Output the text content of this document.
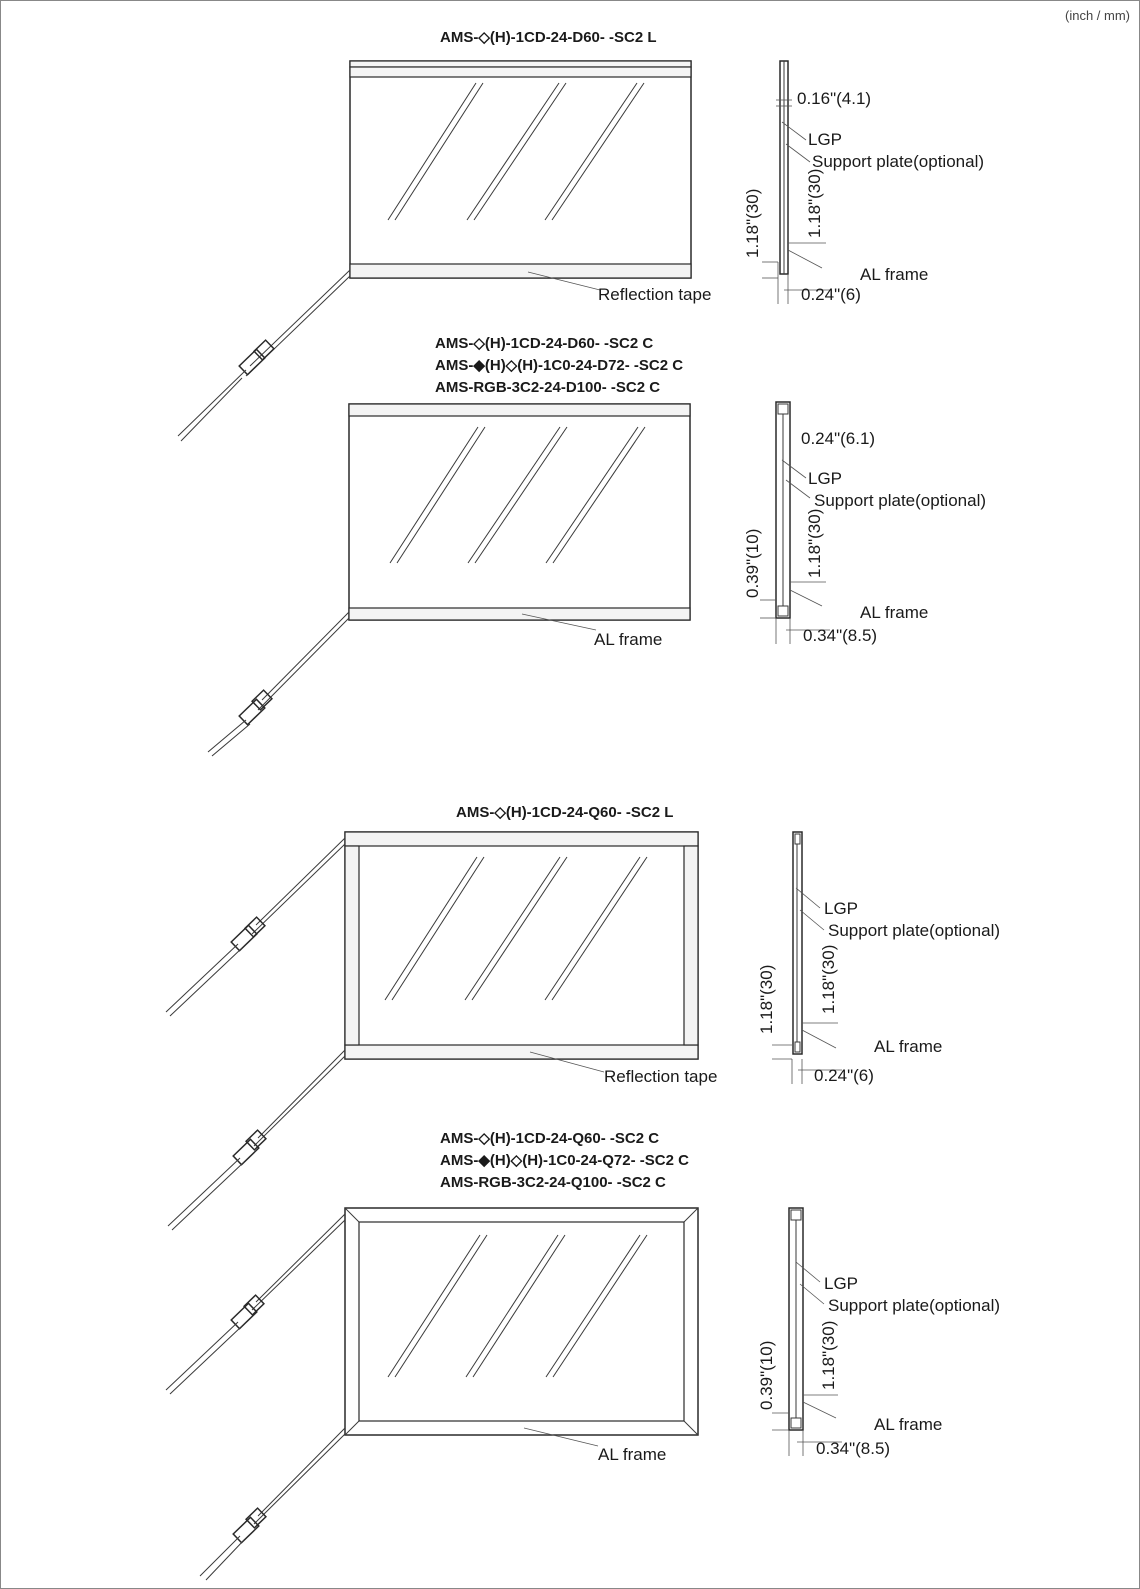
(inch / mm)
AMS-◇(H)-1CD-24-D60- -SC2 L
Reflection tape
0.16"(4.1)
LGP
Support plate(optional)
1.18"(30)
1.18"(30)
AL frame
0.24"(6)
AMS-◇(H)-1CD-24-D60- -SC2 C
AMS-◆(H)◇(H)-1C0-24-D72- -SC2 C
AMS-RGB-3C2-24-D100- -SC2 C
AL frame
0.24"(6.1)
LGP
Support plate(optional)
1.18"(30)
0.39"(10)
AL frame
0.34"(8.5)
AMS-◇(H)-1CD-24-Q60- -SC2 L
Reflection tape
LGP
Support plate(optional)
1.18"(30)
1.18"(30)
AL frame
0.24"(6)
AMS-◇(H)-1CD-24-Q60- -SC2 C
AMS-◆(H)◇(H)-1C0-24-Q72- -SC2 C
AMS-RGB-3C2-24-Q100- -SC2 C
AL frame
LGP
Support plate(optional)
1.18"(30)
0.39"(10)
AL frame
0.34"(8.5)
